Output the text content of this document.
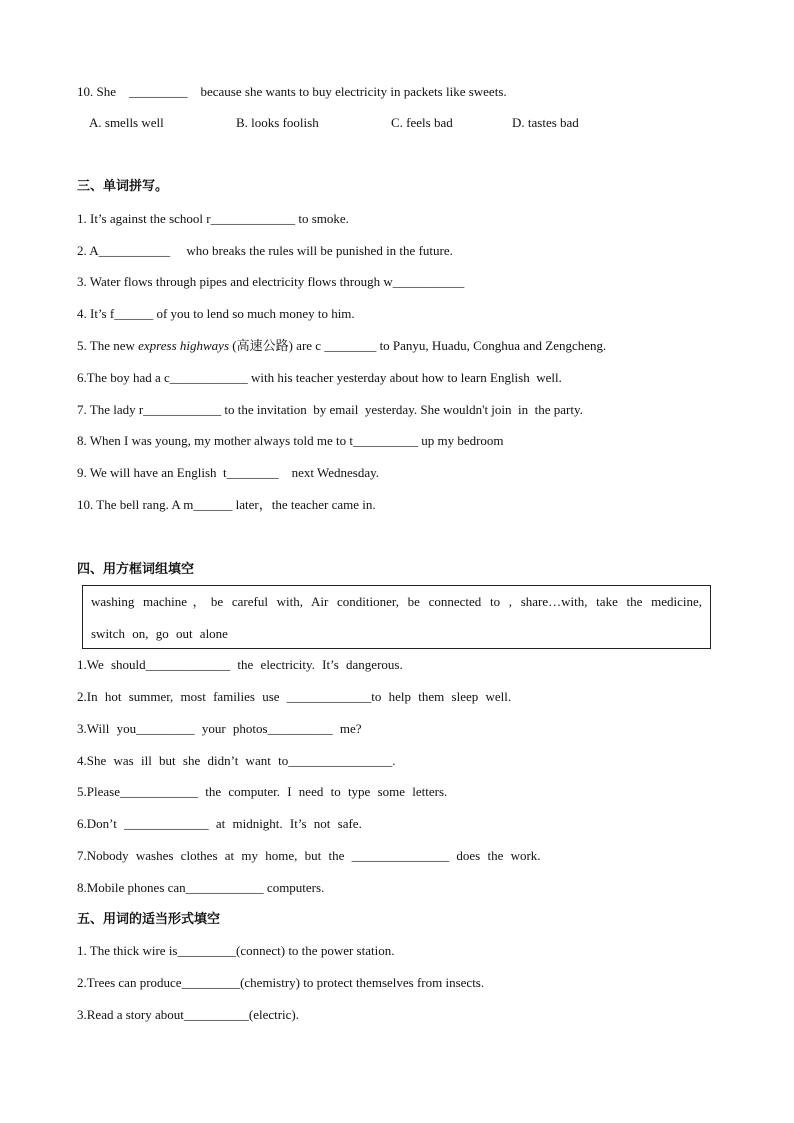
10. She    _________    because she wants to buy electricity in packets like sweets.
A. smells well	B. looks foolish	C. feels bad	D. tastes bad
三、单词拼写。
1. It’s against the school r_____________ to smoke.
2. A___________     who breaks the rules will be punished in the future.
3. Water flows through pipes and electricity flows through w___________
4. It’s f______ of you to lend so much money to him.
5. The new express highways (高速公路) are c ________ to Panyu, Huadu, Conghua and Zengcheng.
6.The boy had a c____________ with his teacher yesterday about how to learn English  well.
7. The lady r____________ to the invitation  by email  yesterday. She wouldn't join  in  the party.
8. When I was young, my mother always told me to t__________ up my bedroom
9. We will have an English  t________    next Wednesday.
10. The bell rang. A m______ later，the teacher came in.
四、用方框词组填空
washing machine，be careful with, Air conditioner, be connected to , share…with, take the medicine,
switch on, go out alone
1.We should_____________ the electricity. It’s dangerous.
2.In hot summer, most families use _____________to help them sleep well.
3.Will you_________ your photos__________ me?
4.She was ill but she didn’t want to________________.
5.Please____________ the computer. I need to type some letters.
6.Don’t _____________ at midnight. It’s not safe.
7.Nobody washes clothes at my home, but the _______________ does the work.
8.Mobile phones can____________ computers.
五、用词的适当形式填空
1. The thick wire is_________(connect) to the power station.
2.Trees can produce_________(chemistry) to protect themselves from insects.
3.Read a story about__________(electric).
